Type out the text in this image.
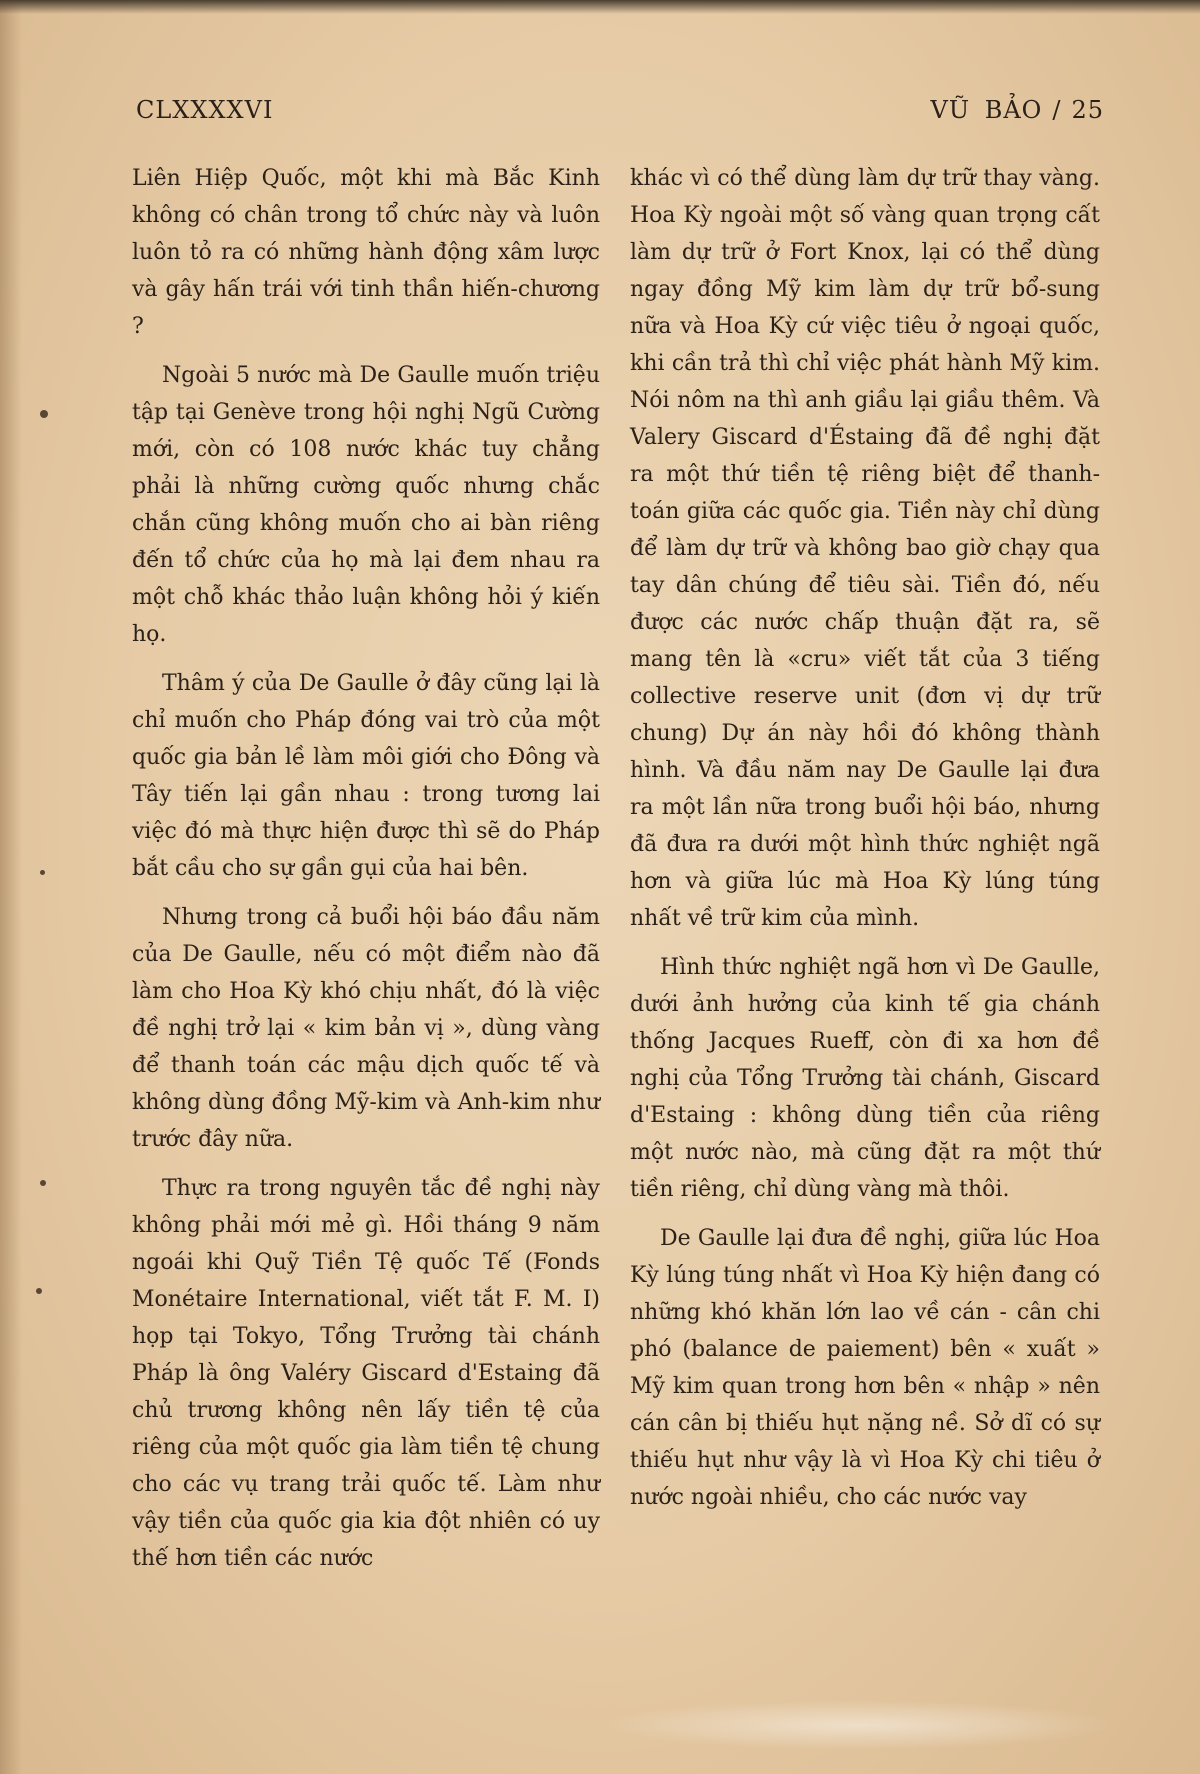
CLXXXXVI	VŨ BẢO / 25

Liên Hiệp Quốc, một khi mà Bắc Kinh không có chân trong tổ chức này và luôn luôn tỏ ra có những hành động xâm lược và gây hấn trái với tinh thần hiến-chương ?

Ngoài 5 nước mà De Gaulle muốn triệu tập tại Genève trong hội nghị Ngũ Cường mới, còn có 108 nước khác tuy chẳng phải là những cường quốc nhưng chắc chắn cũng không muốn cho ai bàn riêng đến tổ chức của họ mà lại đem nhau ra một chỗ khác thảo luận không hỏi ý kiến họ.

Thâm ý của De Gaulle ở đây cũng lại là chỉ muốn cho Pháp đóng vai trò của một quốc gia bản lề làm môi giới cho Đông và Tây tiến lại gần nhau : trong tương lai việc đó mà thực hiện được thì sẽ do Pháp bắt cầu cho sự gần gụi của hai bên.

Nhưng trong cả buổi hội báo đầu năm của De Gaulle, nếu có một điểm nào đã làm cho Hoa Kỳ khó chịu nhất, đó là việc đề nghị trở lại « kim bản vị », dùng vàng để thanh toán các mậu dịch quốc tế và không dùng đồng Mỹ-kim và Anh-kim như trước đây nữa.

Thực ra trong nguyên tắc đề nghị này không phải mới mẻ gì. Hồi tháng 9 năm ngoái khi Quỹ Tiền Tệ quốc Tế (Fonds Monétaire International, viết tắt F. M. I) họp tại Tokyo, Tổng Trưởng tài chánh Pháp là ông Valéry Giscard d'Estaing đã chủ trương không nên lấy tiền tệ của riêng của một quốc gia làm tiền tệ chung cho các vụ trang trải quốc tế. Làm như vậy tiền của quốc gia kia đột nhiên có uy thế hơn tiền các nước

khác vì có thể dùng làm dự trữ thay vàng. Hoa Kỳ ngoài một số vàng quan trọng cất làm dự trữ ở Fort Knox, lại có thể dùng ngay đồng Mỹ kim làm dự trữ bổ-sung nữa và Hoa Kỳ cứ việc tiêu ở ngoại quốc, khi cần trả thì chỉ việc phát hành Mỹ kim. Nói nôm na thì anh giầu lại giầu thêm. Và Valery Giscard d'Éstaing đã đề nghị đặt ra một thứ tiền tệ riêng biệt để thanh-toán giữa các quốc gia. Tiền này chỉ dùng để làm dự trữ và không bao giờ chạy qua tay dân chúng để tiêu sài. Tiền đó, nếu được các nước chấp thuận đặt ra, sẽ mang tên là «cru» viết tắt của 3 tiếng collective reserve unit (đơn vị dự trữ chung) Dự án này hồi đó không thành hình. Và đầu năm nay De Gaulle lại đưa ra một lần nữa trong buổi hội báo, nhưng đã đưa ra dưới một hình thức nghiệt ngã hơn và giữa lúc mà Hoa Kỳ lúng túng nhất về trữ kim của mình.

Hình thức nghiệt ngã hơn vì De Gaulle, dưới ảnh hưởng của kinh tế gia chánh thống Jacques Rueff, còn đi xa hơn đề nghị của Tổng Trưởng tài chánh, Giscard d'Estaing : không dùng tiền của riêng một nước nào, mà cũng đặt ra một thứ tiền riêng, chỉ dùng vàng mà thôi.

De Gaulle lại đưa đề nghị, giữa lúc Hoa Kỳ lúng túng nhất vì Hoa Kỳ hiện đang có những khó khăn lớn lao về cán - cân chi phó (balance de paiement) bên « xuất » Mỹ kim quan trong hơn bên « nhập » nên cán cân bị thiếu hụt nặng nề. Sở dĩ có sự thiếu hụt như vậy là vì Hoa Kỳ chi tiêu ở nước ngoài nhiều, cho các nước vay
